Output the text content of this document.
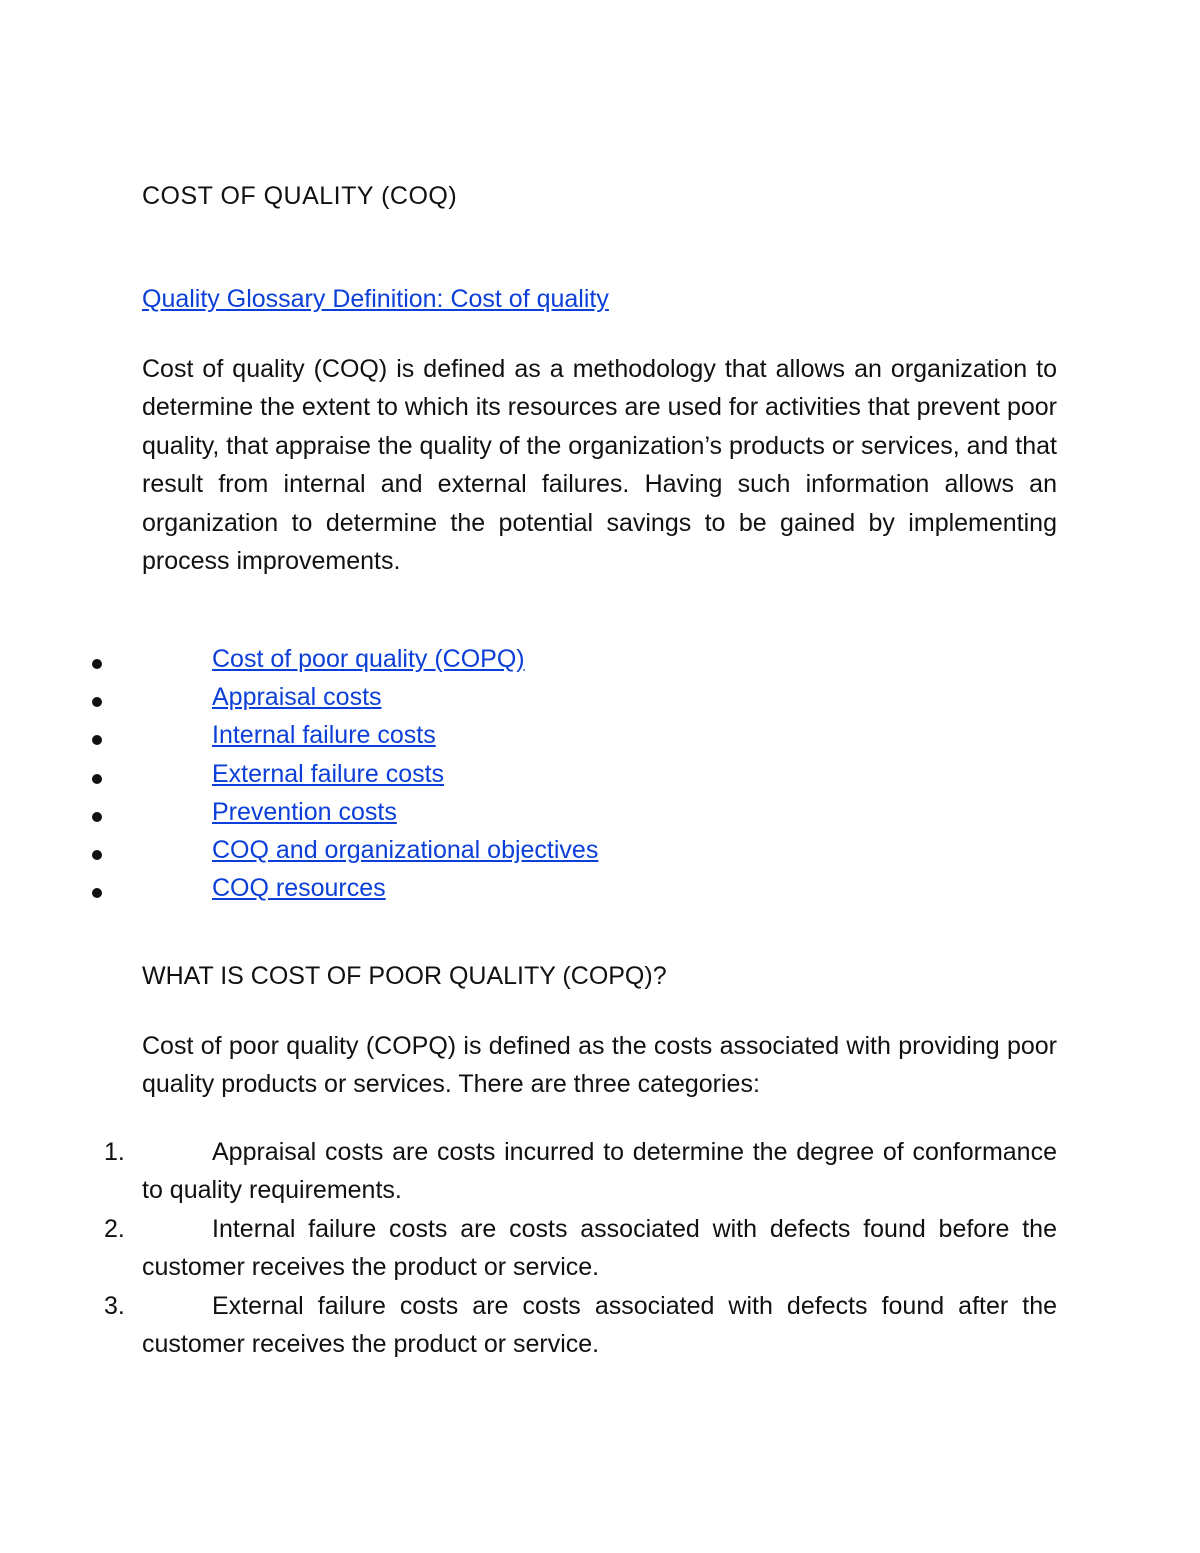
COST OF QUALITY (COQ)
Quality Glossary Definition: Cost of quality

Cost of quality (COQ) is defined as a methodology that allows an organization to determine the extent to which its resources are used for activities that prevent poor quality, that appraise the quality of the organization’s products or services, and that result from internal and external failures. Having such information allows an organization to determine the potential savings to be gained by implementing process improvements.

Cost of poor quality (COPQ)
Appraisal costs
Internal failure costs
External failure costs
Prevention costs
COQ and organizational objectives
COQ resources
WHAT IS COST OF POOR QUALITY (COPQ)?

Cost of poor quality (COPQ) is defined as the costs associated with providing poor quality products or services. There are three categories:

1.	Appraisal costs are costs incurred to determine the degree of conformance to quality requirements.
2.	Internal failure costs are costs associated with defects found before the customer receives the product or service.
3.	External failure costs are costs associated with defects found after the customer receives the product or service.
